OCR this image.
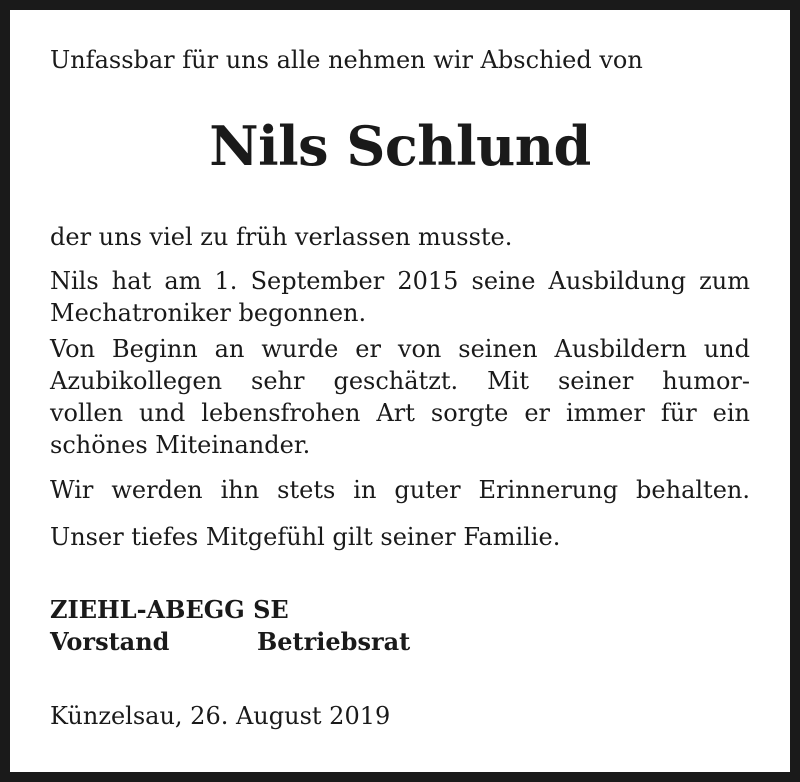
Unfassbar für uns alle nehmen wir Abschied von
Nils Schlund
der uns viel zu früh verlassen musste.
Nils hat am 1. September 2015 seine Ausbildung zum
Mechatroniker begonnen.
Von Beginn an wurde er von seinen Ausbildern und
Azubikollegen sehr geschätzt. Mit seiner humor-
vollen und lebensfrohen Art sorgte er immer für ein
schönes Miteinander.
Wir werden ihn stets in guter Erinnerung behalten.
Unser tiefes Mitgefühl gilt seiner Familie.
ZIEHL-ABEGG SE
Vorstand	Betriebsrat
Künzelsau, 26. August 2019
